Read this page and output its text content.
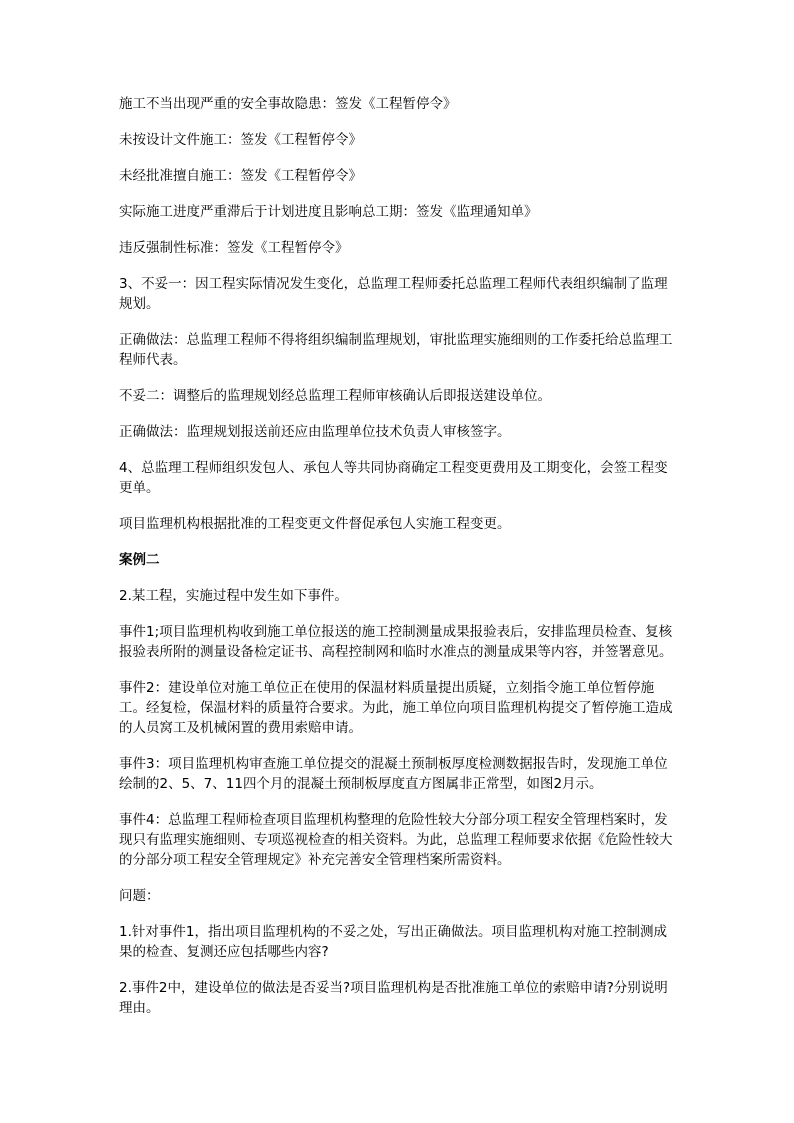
施工不当出现严重的安全事故隐患：签发《工程暂停令》

未按设计文件施工：签发《工程暂停令》

未经批准擅自施工：签发《工程暂停令》

实际施工进度严重滞后于计划进度且影响总工期：签发《监理通知单》

违反强制性标准：签发《工程暂停令》

3、不妥一：因工程实际情况发生变化，总监理工程师委托总监理工程师代表组织编制了监理规划。

正确做法：总监理工程师不得将组织编制监理规划，审批监理实施细则的工作委托给总监理工程师代表。

不妥二：调整后的监理规划经总监理工程师审核确认后即报送建设单位。

正确做法：监理规划报送前还应由监理单位技术负责人审核签字。

4、总监理工程师组织发包人、承包人等共同协商确定工程变更费用及工期变化，会签工程变更单。

项目监理机构根据批准的工程变更文件督促承包人实施工程变更。

案例二

2.某工程，实施过程中发生如下事件。

事件1;项目监理机构收到施工单位报送的施工控制测量成果报验表后，安排监理员检查、复核报验表所附的测量设备检定证书、高程控制网和临时水准点的测量成果等内容，并签署意见。

事件2：建设单位对施工单位正在使用的保温材料质量提出质疑，立刻指令施工单位暂停施工。经复检，保温材料的质量符合要求。为此，施工单位向项目监理机构提交了暂停施工造成的人员窝工及机械闲置的费用索赔申请。

事件3：项目监理机构审查施工单位提交的混凝土预制板厚度检测数据报告时，发现施工单位绘制的2、5、7、11四个月的混凝土预制板厚度直方图属非正常型，如图2月示。

事件4：总监理工程师检查项目监理机构整理的危险性较大分部分项工程安全管理档案时，发现只有监理实施细则、专项巡视检查的相关资料。为此，总监理工程师要求依据《危险性较大的分部分项工程安全管理规定》补充完善安全管理档案所需资料。

问题：

1.针对事件1，指出项目监理机构的不妥之处，写出正确做法。项目监理机构对施工控制测成果的检查、复测还应包括哪些内容?

2.事件2中，建设单位的做法是否妥当?项目监理机构是否批准施工单位的索赔申请?分别说明理由。
